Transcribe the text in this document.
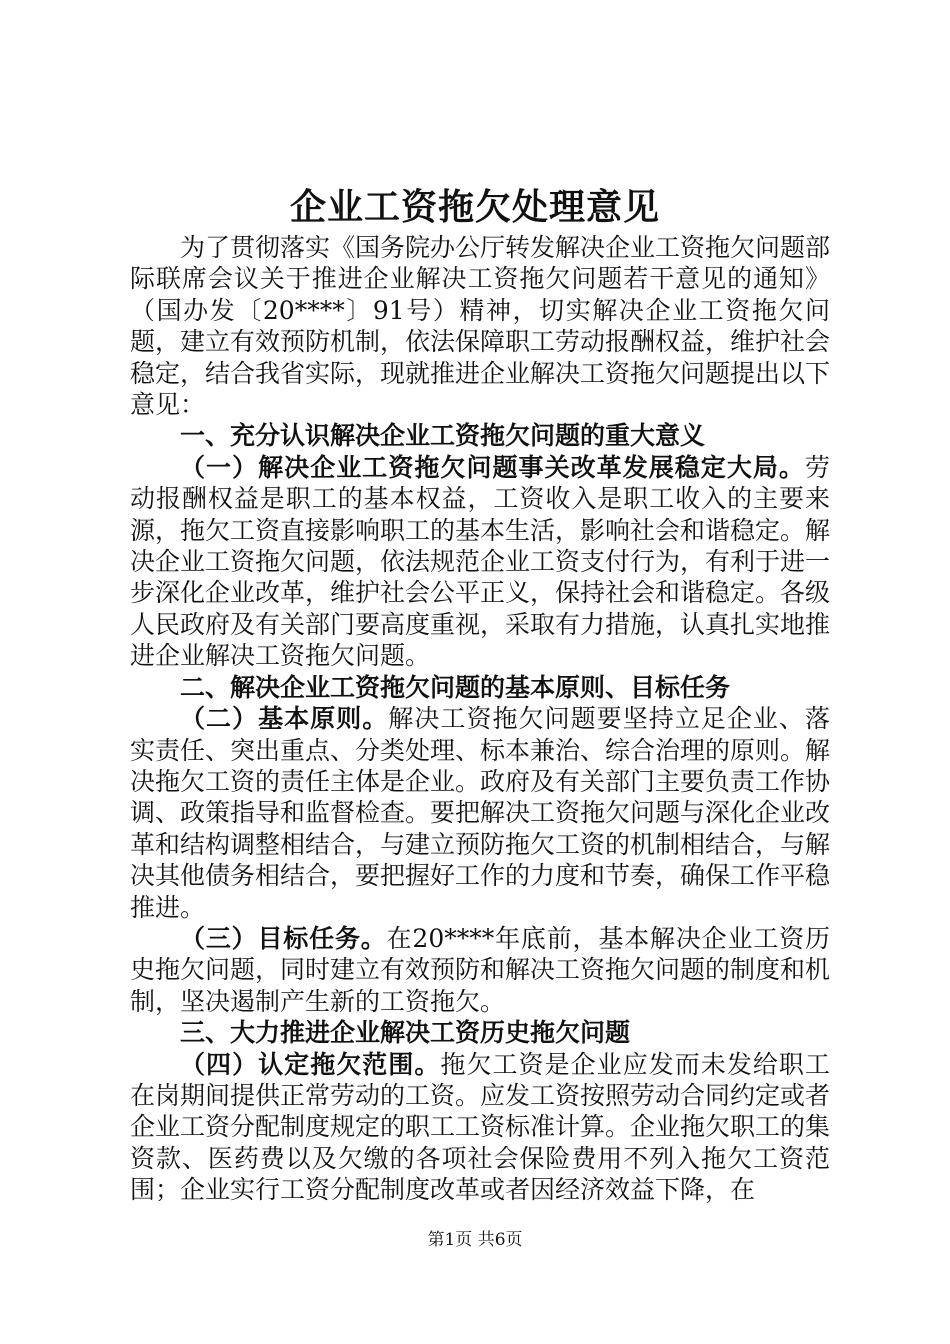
企业工资拖欠处理意见

为了贯彻落实《国务院办公厅转发解决企业工资拖欠问题部际联席会议关于推进企业解决工资拖欠问题若干意见的通知》（国办发〔20****〕91号）精神，切实解决企业工资拖欠问题，建立有效预防机制，依法保障职工劳动报酬权益，维护社会稳定，结合我省实际，现就推进企业解决工资拖欠问题提出以下意见：

一、充分认识解决企业工资拖欠问题的重大意义

（一）解决企业工资拖欠问题事关改革发展稳定大局。劳动报酬权益是职工的基本权益，工资收入是职工收入的主要来源，拖欠工资直接影响职工的基本生活，影响社会和谐稳定。解决企业工资拖欠问题，依法规范企业工资支付行为，有利于进一步深化企业改革，维护社会公平正义，保持社会和谐稳定。各级人民政府及有关部门要高度重视，采取有力措施，认真扎实地推进企业解决工资拖欠问题。

二、解决企业工资拖欠问题的基本原则、目标任务

（二）基本原则。解决工资拖欠问题要坚持立足企业、落实责任、突出重点、分类处理、标本兼治、综合治理的原则。解决拖欠工资的责任主体是企业。政府及有关部门主要负责工作协调、政策指导和监督检查。要把解决工资拖欠问题与深化企业改革和结构调整相结合，与建立预防拖欠工资的机制相结合，与解决其他债务相结合，要把握好工作的力度和节奏，确保工作平稳推进。

（三）目标任务。在20****年底前，基本解决企业工资历史拖欠问题，同时建立有效预防和解决工资拖欠问题的制度和机制，坚决遏制产生新的工资拖欠。

三、大力推进企业解决工资历史拖欠问题

（四）认定拖欠范围。拖欠工资是企业应发而未发给职工在岗期间提供正常劳动的工资。应发工资按照劳动合同约定或者企业工资分配制度规定的职工工资标准计算。企业拖欠职工的集资款、医药费以及欠缴的各项社会保险费用不列入拖欠工资范围；企业实行工资分配制度改革或者因经济效益下降，在

第1页 共6页
